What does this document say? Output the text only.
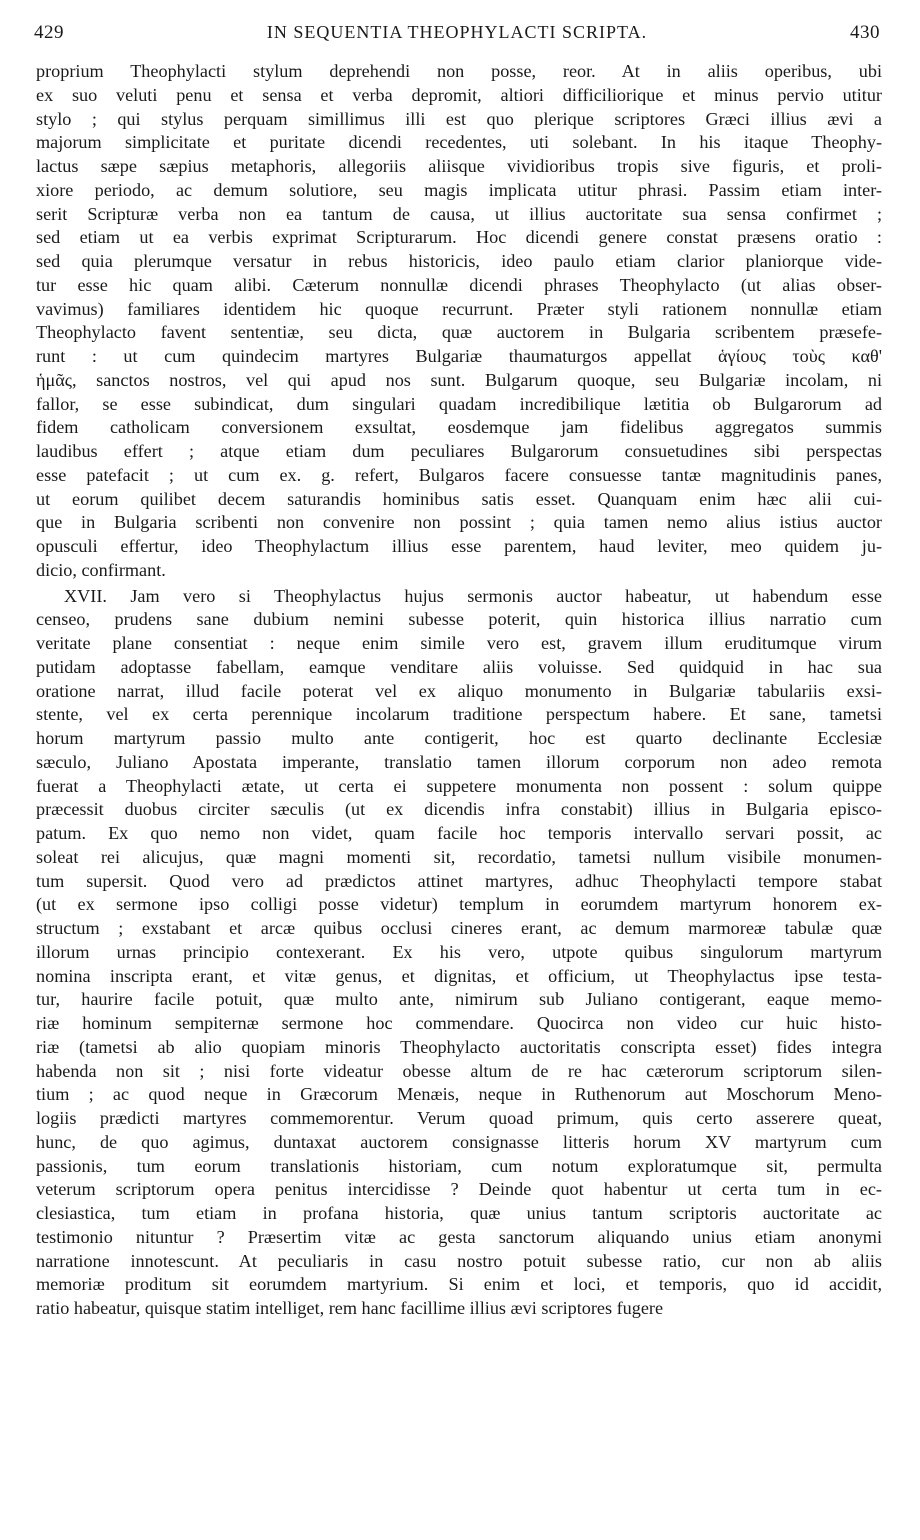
429	IN SEQUENTIA THEOPHYLACTI SCRIPTA.	430
proprium Theophylacti stylum deprehendi non posse, reor. At in aliis operibus, ubi
ex suo veluti penu et sensa et verba depromit, altiori difficiliorique et minus pervio utitur
stylo ; qui stylus perquam simillimus illi est quo plerique scriptores Græci illius ævi a
majorum simplicitate et puritate dicendi recedentes, uti solebant. In his itaque Theophy-
lactus sæpe sæpius metaphoris, allegoriis aliisque vividioribus tropis sive figuris, et proli-
xiore periodo, ac demum solutiore, seu magis implicata utitur phrasi. Passim etiam inter-
serit Scripturæ verba non ea tantum de causa, ut illius auctoritate sua sensa confirmet ;
sed etiam ut ea verbis exprimat Scripturarum. Hoc dicendi genere constat præsens oratio :
sed quia plerumque versatur in rebus historicis, ideo paulo etiam clarior planiorque vide-
tur esse hic quam alibi. Cæterum nonnullæ dicendi phrases Theophylacto (ut alias obser-
vavimus) familiares identidem hic quoque recurrunt. Præter styli rationem nonnullæ etiam
Theophylacto favent sententiæ, seu dicta, quæ auctorem in Bulgaria scribentem præsefe-
runt : ut cum quindecim martyres Bulgariæ thaumaturgos appellat ἁγίους τοὺς καθ'
ἡμᾶς, sanctos nostros, vel qui apud nos sunt. Bulgarum quoque, seu Bulgariæ incolam, ni
fallor, se esse subindicat, dum singulari quadam incredibilique lætitia ob Bulgarorum ad
fidem catholicam conversionem exsultat, eosdemque jam fidelibus aggregatos summis
laudibus effert ; atque etiam dum peculiares Bulgarorum consuetudines sibi perspectas
esse patefacit ; ut cum ex. g. refert, Bulgaros facere consuesse tantæ magnitudinis panes,
ut eorum quilibet decem saturandis hominibus satis esset. Quanquam enim hæc alii cui-
que in Bulgaria scribenti non convenire non possint ; quia tamen nemo alius istius auctor
opusculi effertur, ideo Theophylactum illius esse parentem, haud leviter, meo quidem ju-
dicio, confirmant.
XVII. Jam vero si Theophylactus hujus sermonis auctor habeatur, ut habendum esse
censeo, prudens sane dubium nemini subesse poterit, quin historica illius narratio cum
veritate plane consentiat : neque enim simile vero est, gravem illum eruditumque virum
putidam adoptasse fabellam, eamque venditare aliis voluisse. Sed quidquid in hac sua
oratione narrat, illud facile poterat vel ex aliquo monumento in Bulgariæ tabulariis exsi-
stente, vel ex certa perennique incolarum traditione perspectum habere. Et sane, tametsi
horum martyrum passio multo ante contigerit, hoc est quarto declinante Ecclesiæ
sæculo, Juliano Apostata imperante, translatio tamen illorum corporum non adeo remota
fuerat a Theophylacti ætate, ut certa ei suppetere monumenta non possent : solum quippe
præcessit duobus circiter sæculis (ut ex dicendis infra constabit) illius in Bulgaria episco-
patum. Ex quo nemo non videt, quam facile hoc temporis intervallo servari possit, ac
soleat rei alicujus, quæ magni momenti sit, recordatio, tametsi nullum visibile monumen-
tum supersit. Quod vero ad prædictos attinet martyres, adhuc Theophylacti tempore stabat
(ut ex sermone ipso colligi posse videtur) templum in eorumdem martyrum honorem ex-
structum ; exstabant et arcæ quibus occlusi cineres erant, ac demum marmoreæ tabulæ quæ
illorum urnas principio contexerant. Ex his vero, utpote quibus singulorum martyrum
nomina inscripta erant, et vitæ genus, et dignitas, et officium, ut Theophylactus ipse testa-
tur, haurire facile potuit, quæ multo ante, nimirum sub Juliano contigerant, eaque memo-
riæ hominum sempiternæ sermone hoc commendare. Quocirca non video cur huic histo-
riæ (tametsi ab alio quopiam minoris Theophylacto auctoritatis conscripta esset) fides integra
habenda non sit ; nisi forte videatur obesse altum de re hac cæterorum scriptorum silen-
tium ; ac quod neque in Græcorum Menæis, neque in Ruthenorum aut Moschorum Meno-
logiis prædicti martyres commemorentur. Verum quoad primum, quis certo asserere queat,
hunc, de quo agimus, duntaxat auctorem consignasse litteris horum XV martyrum cum
passionis, tum eorum translationis historiam, cum notum exploratumque sit, permulta
veterum scriptorum opera penitus intercidisse ? Deinde quot habentur ut certa tum in ec-
clesiastica, tum etiam in profana historia, quæ unius tantum scriptoris auctoritate ac
testimonio nituntur ? Præsertim vitæ ac gesta sanctorum aliquando unius etiam anonymi
narratione innotescunt. At peculiaris in casu nostro potuit subesse ratio, cur non ab aliis
memoriæ proditum sit eorumdem martyrium. Si enim et loci, et temporis, quo id accidit,
ratio habeatur, quisque statim intelliget, rem hanc facillime illius ævi scriptores fugere
